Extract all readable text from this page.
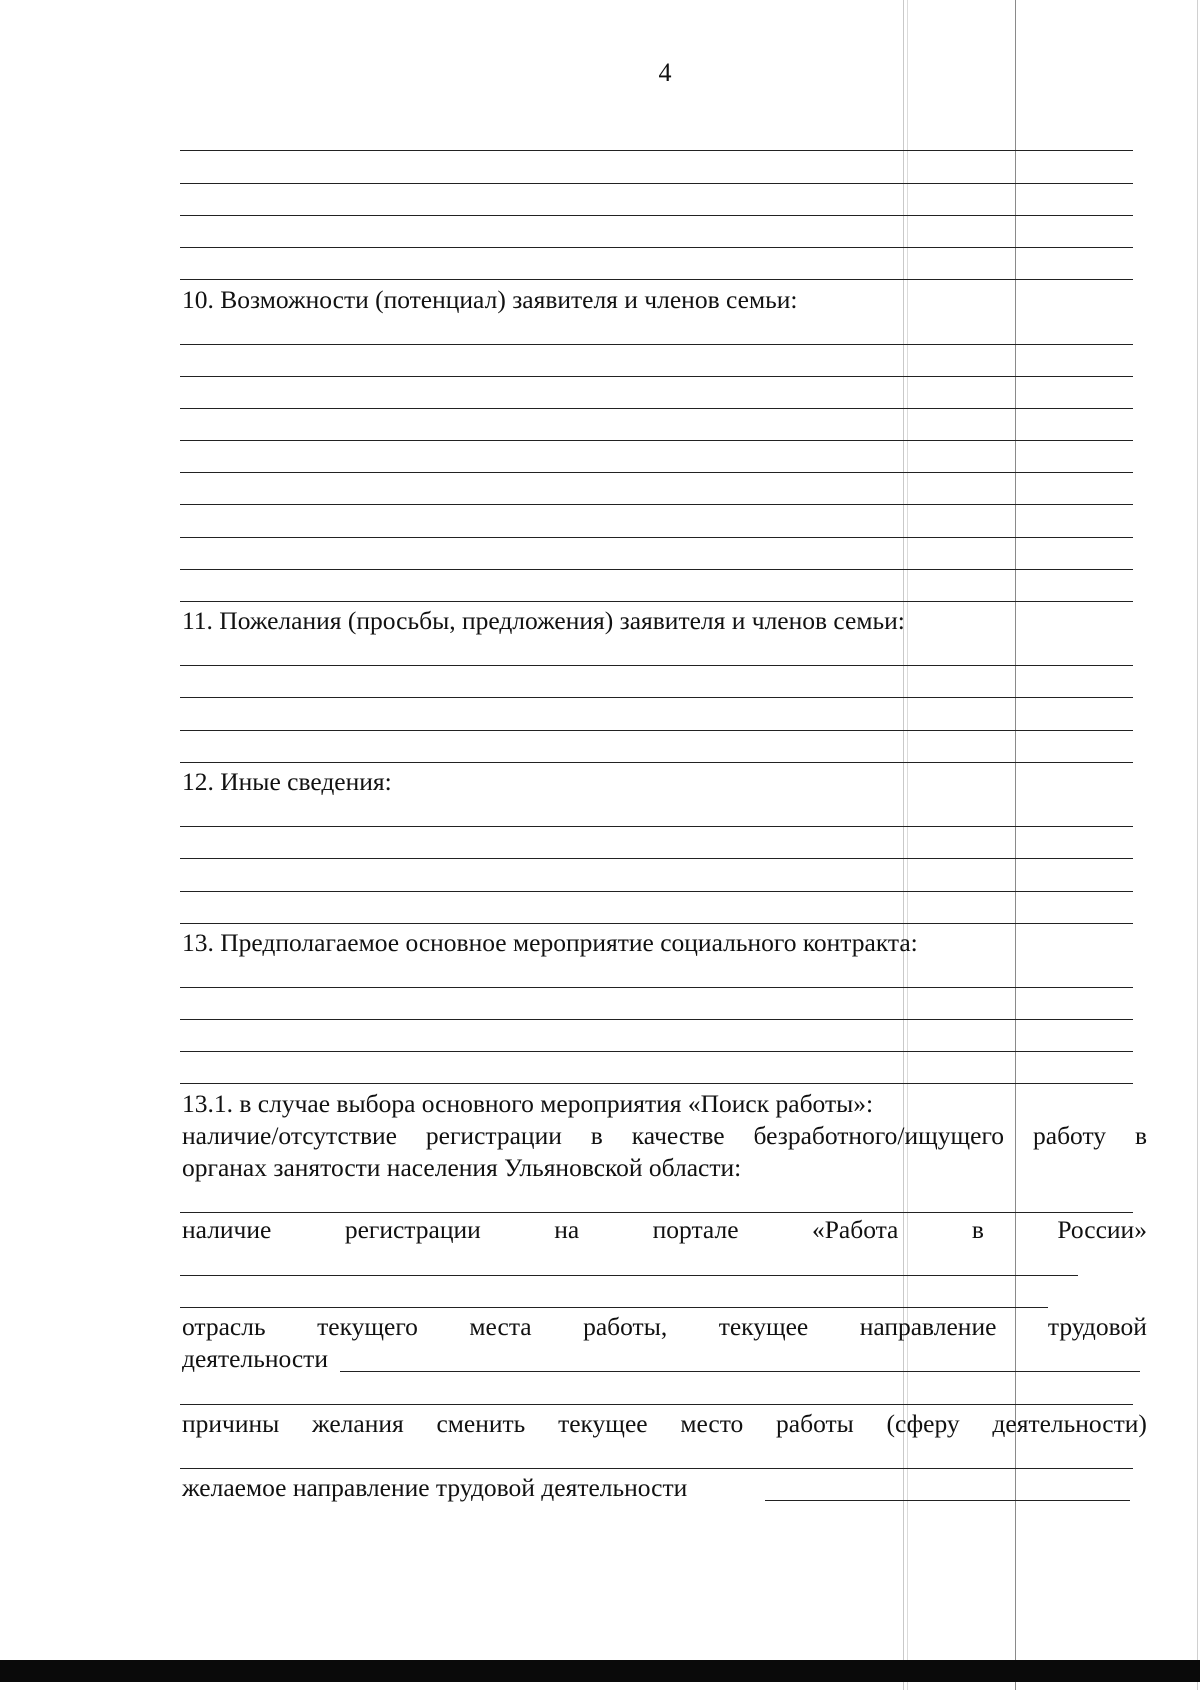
4
10. Возможности (потенциал) заявителя и членов семьи:
11. Пожелания (просьбы, предложения) заявителя и членов семьи:
12. Иные сведения:
13. Предполагаемое основное мероприятие социального контракта:
13.1. в случае выбора основного мероприятия «Поиск работы»:
наличие/отсутствие регистрации в качестве безработного/ищущего работу в
органах занятости населения Ульяновской области:
наличие	регистрации	на	портале	«Работа	в	России»
отрасль текущего места работы, текущее направление трудовой
деятельности
причины желания сменить текущее место работы (сферу деятельности)
желаемое направление трудовой деятельности
